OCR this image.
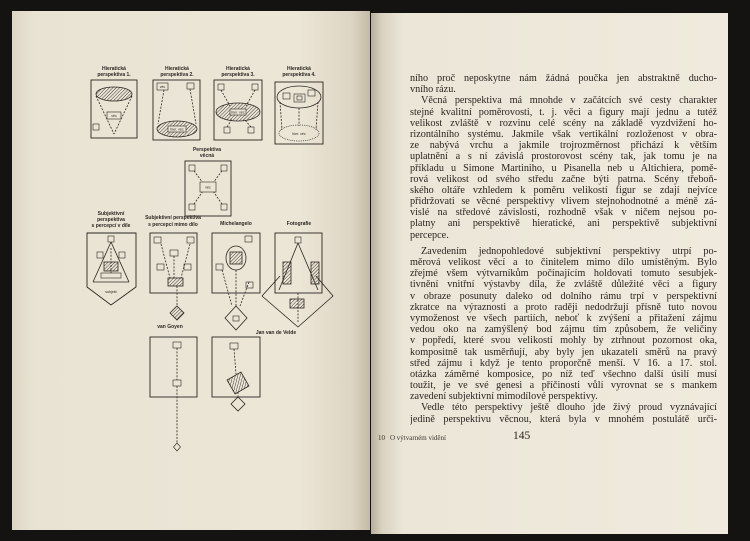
Hieratická
perspektiva 1.
věc
Hieratická
perspektiva 2.
věc
hier. věc
Hieratická
perspektiva 3.
hier. věc
Hieratická
perspektiva 4.
hier. věc
Perspektiva
věcná
věc
Subjektivní
perspektiva
s percepcí v díle
subjekt
Subjektivní perspektiva
s percepcí mimo dílo
van Goyen
Michelangelo
Jan van de Velde
Fotografie
ního proč neposkytne nám žádná poučka jen abstraktně ducho-
vního rázu.
Věcná perspektiva má mnohde v začátcích své cesty charakter
stejné kvalitní poměrovosti, t. j. věci a figury mají jednu a tutéž
velikost zvláště v rozvinu celé scény na základě vyzdvižení ho-
rizontálního systému. Jakmile však vertikální rozloženost v obra-
ze nabývá vrchu a jakmile trojrozměrnost přichází k větším
uplatnění a s ní závislá prostorovost scény tak, jak tomu je na
příkladu u Simone Martiniho, u Pisanella neb u Altichiera, pomě-
rová velikost od svého středu začne býti patrna. Scény třeboň-
ského oltáře vzhledem k poměru velikostí figur se zdají nejvíce
přidržovati se věcné perspektivy vlivem stejnohodnotné a méně zá-
vislé na středové závislosti, rozhodně však v ničem nejsou po-
platny ani perspektivě hieratické, ani perspektivě subjektivní
percepce.
Zavedením jednopohledové subjektivní perspektivy utrpí po-
měrová velikost věcí a to činitelem mimo dílo umístěným. Bylo
zřejmé všem výtvarníkům počínajícím holdovati tomuto sesubjek-
tivnění vnitřní výstavby díla, že zvláště důležité věci a figury
v obraze posunuty daleko od dolního rámu trpí v perspektivní
zkratce na výraznosti a proto raději nedodržují přísně tuto novou
vymoženost ve všech partiích, neboť k zvýšení a přitažení zájmu
vedou oko na zamýšlený bod zájmu tím způsobem, že veličiny
v popředí, které svou velikostí mohly by ztrhnout pozornost oka,
kompositně tak usměrňují, aby byly jen ukazateli směrů na pravý
střed zájmu i když je tento proporčně menší. V 16. a 17. stol.
otázka záměrné komposice, po níž teď všechno další úsilí musí
toužit, je ve své genesi a příčinosti vůlí vyrovnat se s mankem
zavedení subjektivní mimodílové perspektivy.
Vedle této perspektivy ještě dlouho jde živý proud vyznávající
jedině perspektivu věcnou, která byla v mnohém postulátě urči-
10 O výtvarném vidění	145
